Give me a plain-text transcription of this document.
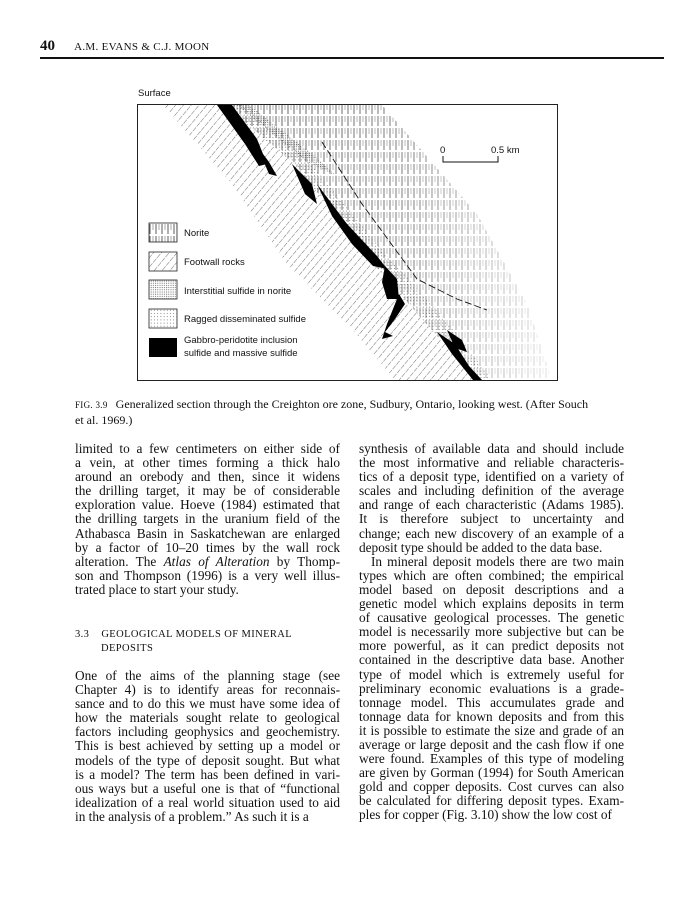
40 A.M. EVANS & C.J. MOON
Surface
0	0.5 km
Norite
Footwall rocks
Interstitial sulfide in norite
Ragged disseminated sulfide
Gabbro-peridotite inclusion
sulfide and massive sulfide
FIG. 3.9 Generalized section through the Creighton ore zone, Sudbury, Ontario, looking west. (After Souch
et al. 1969.)
limited to a few centimeters on either side of
a vein, at other times forming a thick halo
around an orebody and then, since it widens
the drilling target, it may be of considerable
exploration value. Hoeve (1984) estimated that
the drilling targets in the uranium field of the
Athabasca Basin in Saskatchewan are enlarged
by a factor of 10–20 times by the wall rock
alteration. The Atlas of Alteration by Thomp-
son and Thompson (1996) is a very well illus-
trated place to start your study.
3.3 GEOLOGICAL MODELS OF MINERAL
DEPOSITS
One of the aims of the planning stage (see
Chapter 4) is to identify areas for reconnais-
sance and to do this we must have some idea of
how the materials sought relate to geological
factors including geophysics and geochemistry.
This is best achieved by setting up a model or
models of the type of deposit sought. But what
is a model? The term has been defined in vari-
ous ways but a useful one is that of “functional
idealization of a real world situation used to aid
in the analysis of a problem.” As such it is a
synthesis of available data and should include
the most informative and reliable characteris-
tics of a deposit type, identified on a variety of
scales and including definition of the average
and range of each characteristic (Adams 1985).
It is therefore subject to uncertainty and
change; each new discovery of an example of a
deposit type should be added to the data base.
In mineral deposit models there are two main
types which are often combined; the empirical
model based on deposit descriptions and a
genetic model which explains deposits in term
of causative geological processes. The genetic
model is necessarily more subjective but can be
more powerful, as it can predict deposits not
contained in the descriptive data base. Another
type of model which is extremely useful for
preliminary economic evaluations is a grade-
tonnage model. This accumulates grade and
tonnage data for known deposits and from this
it is possible to estimate the size and grade of an
average or large deposit and the cash flow if one
were found. Examples of this type of modeling
are given by Gorman (1994) for South American
gold and copper deposits. Cost curves can also
be calculated for differing deposit types. Exam-
ples for copper (Fig. 3.10) show the low cost of
